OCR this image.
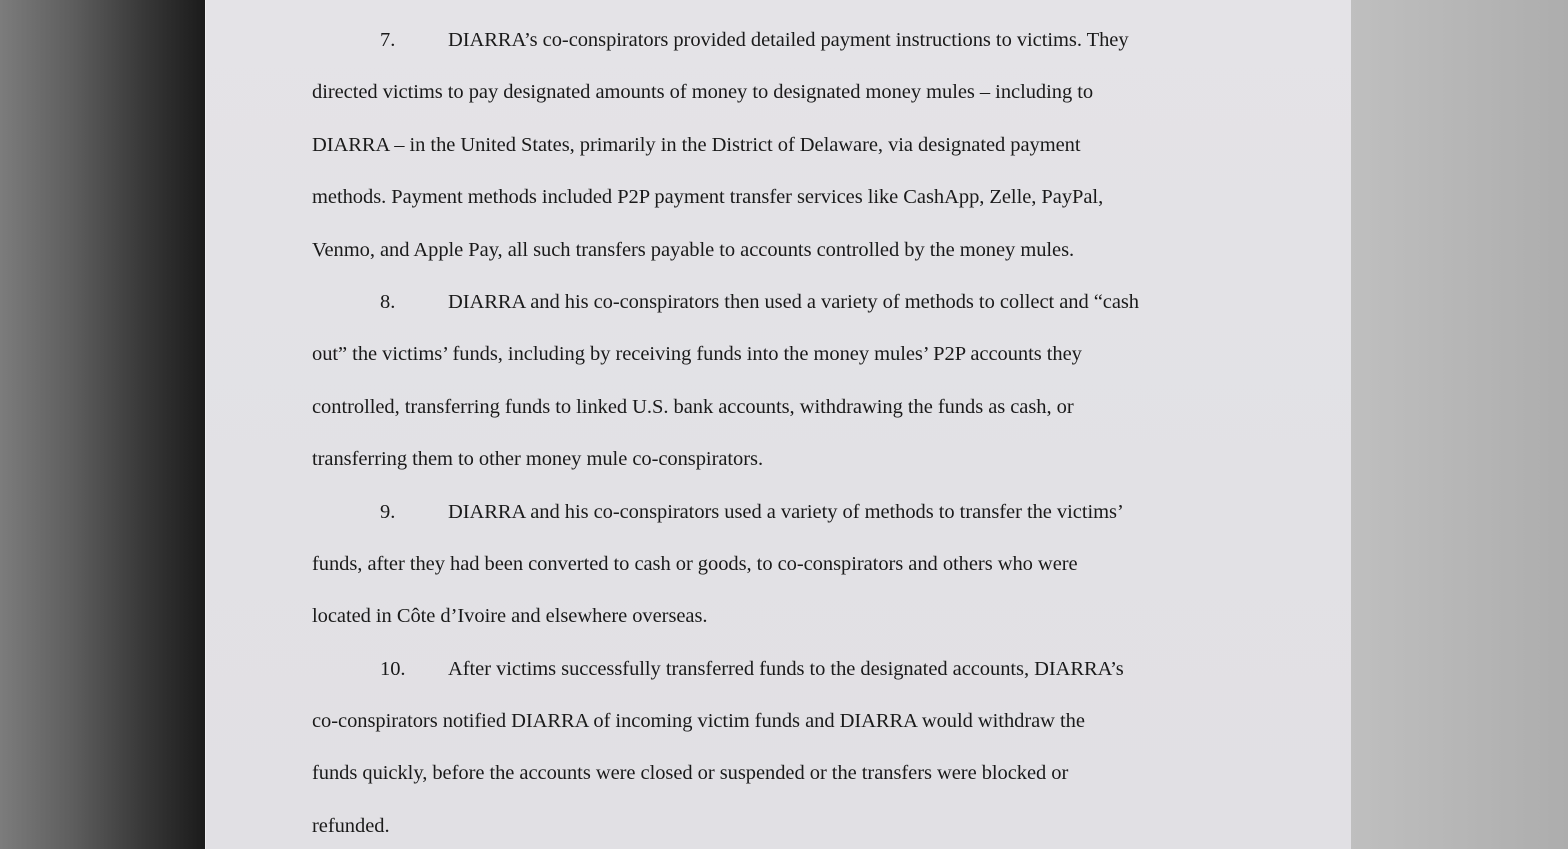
7.	DIARRA’s co-conspirators provided detailed payment instructions to victims. They
directed victims to pay designated amounts of money to designated money mules – including to
DIARRA – in the United States, primarily in the District of Delaware, via designated payment
methods. Payment methods included P2P payment transfer services like CashApp, Zelle, PayPal,
Venmo, and Apple Pay, all such transfers payable to accounts controlled by the money mules.
8.	DIARRA and his co-conspirators then used a variety of methods to collect and “cash
out” the victims’ funds, including by receiving funds into the money mules’ P2P accounts they
controlled, transferring funds to linked U.S. bank accounts, withdrawing the funds as cash, or
transferring them to other money mule co-conspirators.
9.	DIARRA and his co-conspirators used a variety of methods to transfer the victims’
funds, after they had been converted to cash or goods, to co-conspirators and others who were
located in Côte d’Ivoire and elsewhere overseas.
10. After victims successfully transferred funds to the designated accounts, DIARRA’s
co-conspirators notified DIARRA of incoming victim funds and DIARRA would withdraw the
funds quickly, before the accounts were closed or suspended or the transfers were blocked or
refunded.
